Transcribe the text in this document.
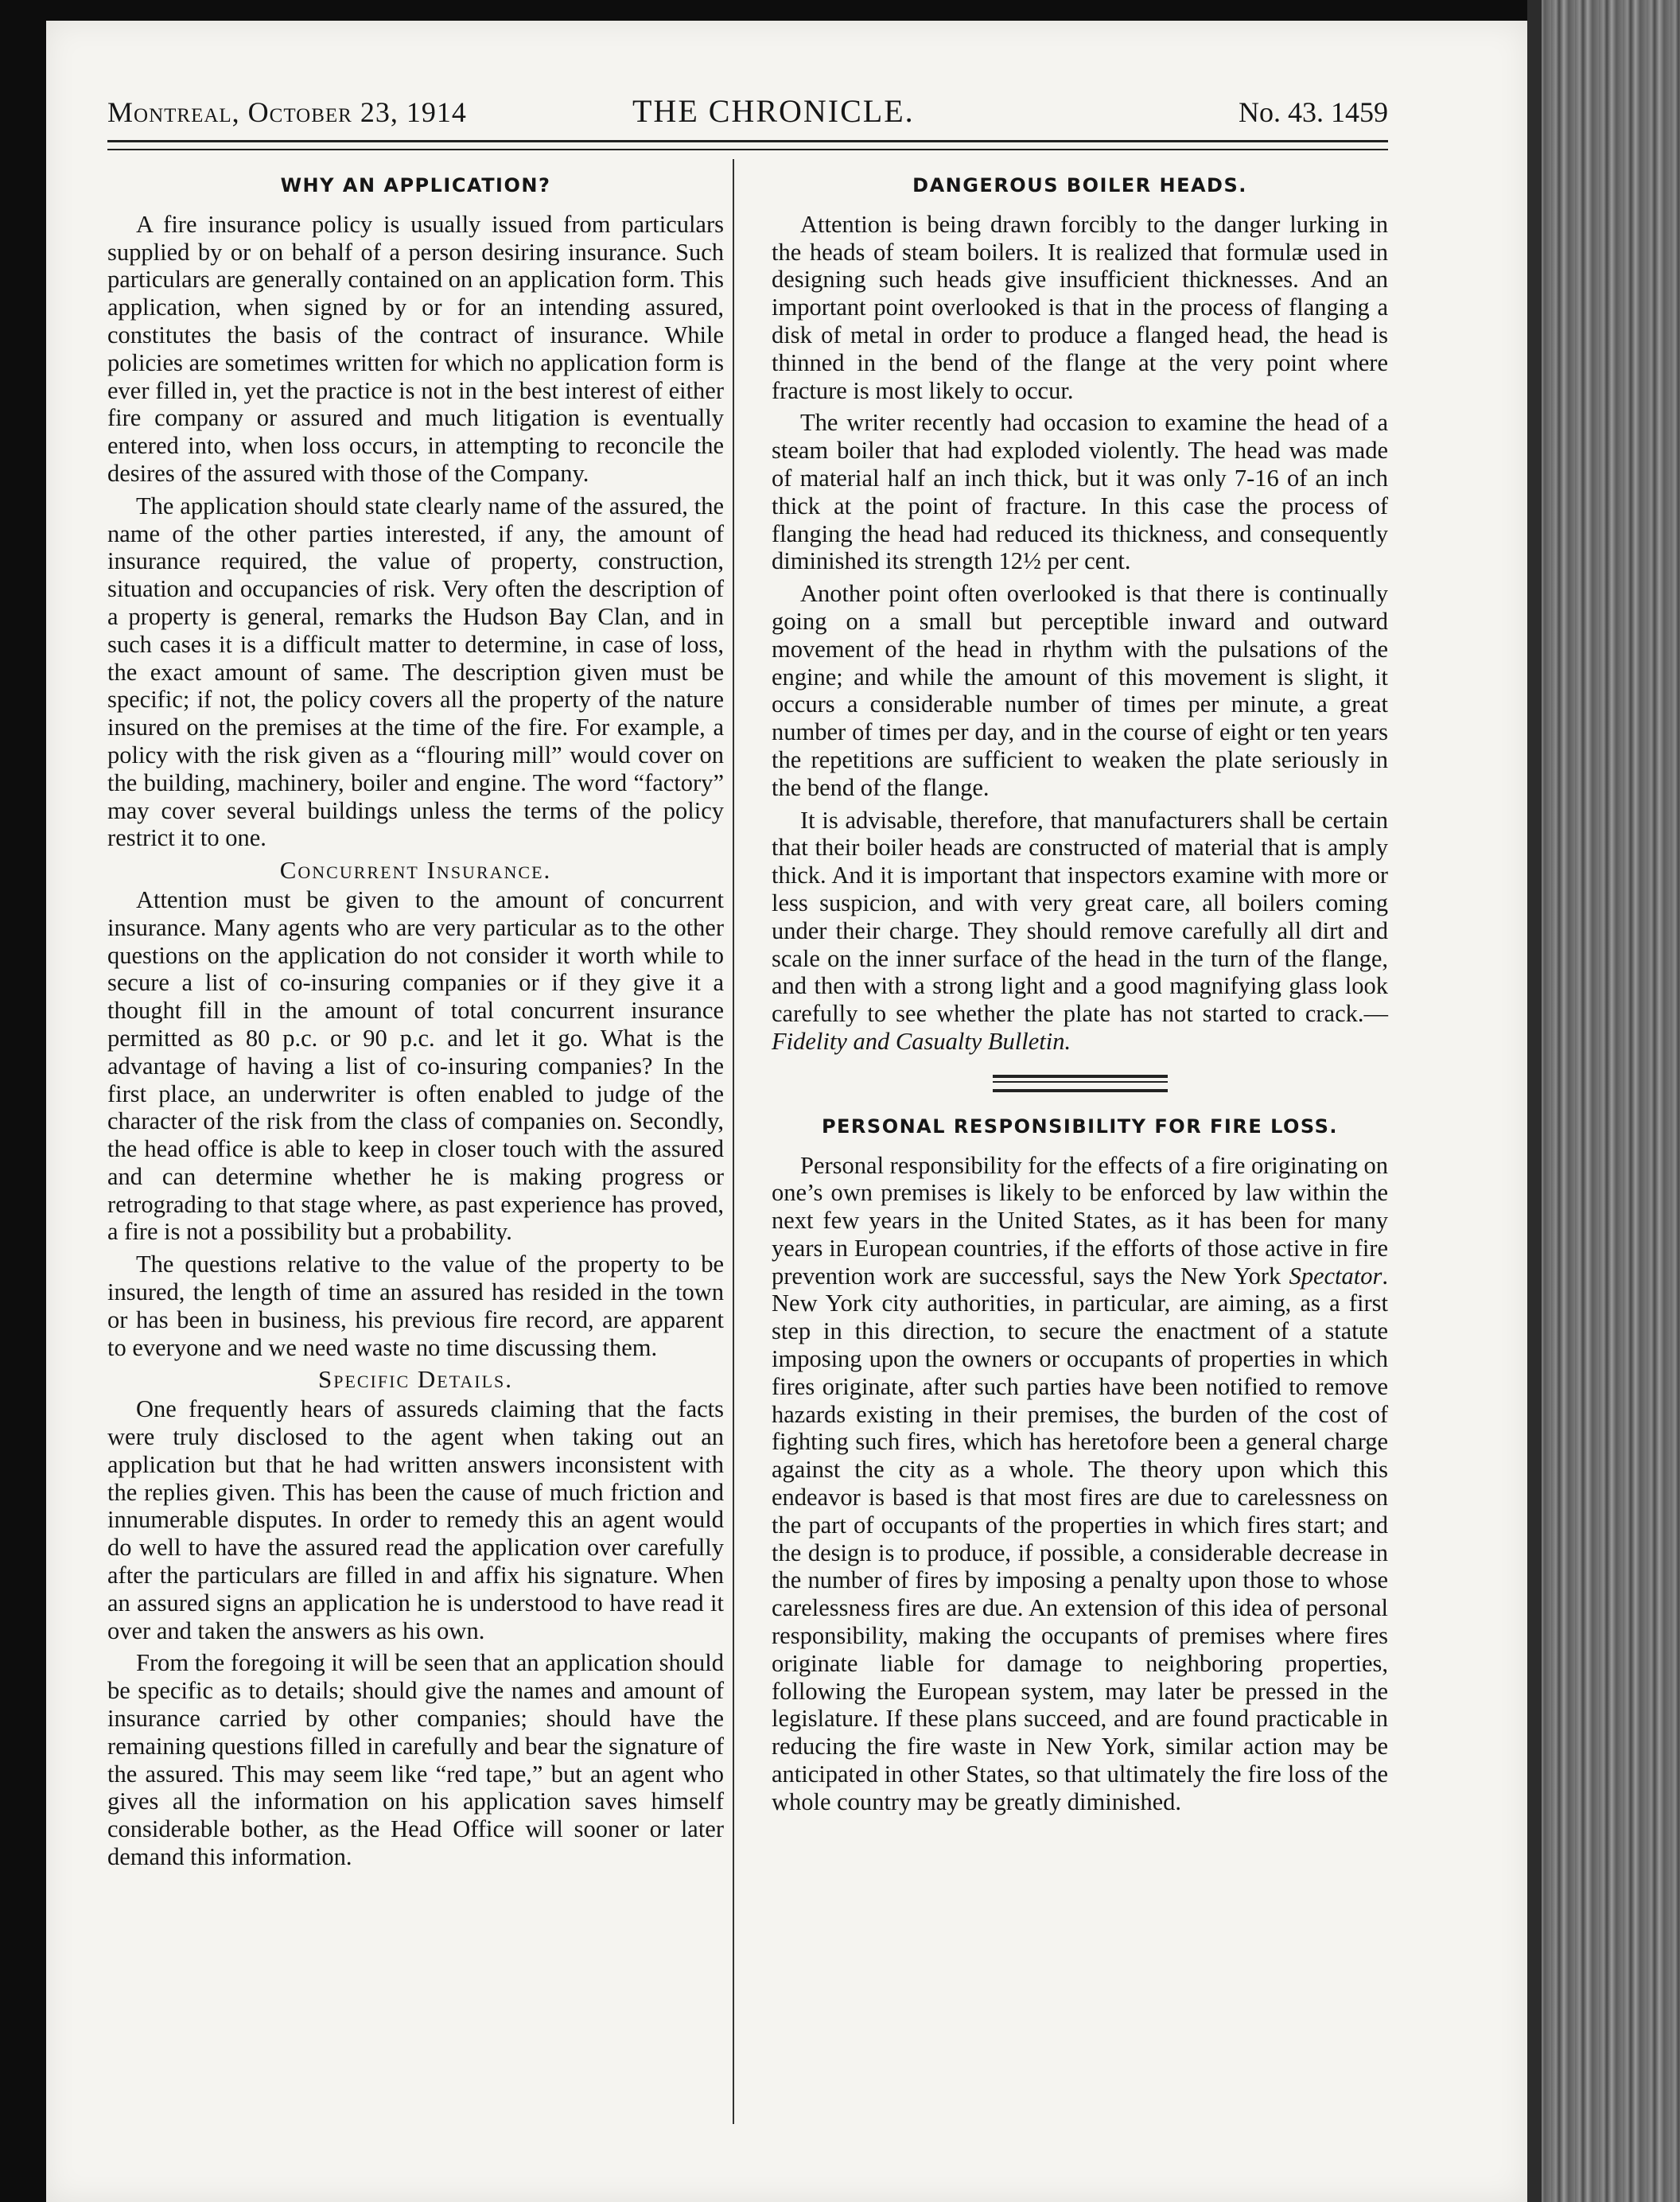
Montreal, October 23, 1914	THE CHRONICLE.	No. 43. 1459
WHY AN APPLICATION?

A fire insurance policy is usually issued from particulars supplied by or on behalf of a person desiring insurance. Such particulars are generally contained on an application form. This application, when signed by or for an intending assured, constitutes the basis of the contract of insurance. While policies are sometimes written for which no application form is ever filled in, yet the practice is not in the best interest of either fire company or assured and much litigation is eventually entered into, when loss occurs, in attempting to reconcile the desires of the assured with those of the Company.

The application should state clearly name of the assured, the name of the other parties interested, if any, the amount of insurance required, the value of property, construction, situation and occupancies of risk. Very often the description of a property is general, remarks the Hudson Bay Clan, and in such cases it is a difficult matter to determine, in case of loss, the exact amount of same. The description given must be specific; if not, the policy covers all the property of the nature insured on the premises at the time of the fire. For example, a policy with the risk given as a “flouring mill” would cover on the building, machinery, boiler and engine. The word “factory” may cover several buildings unless the terms of the policy restrict it to one.

Concurrent Insurance.

Attention must be given to the amount of concurrent insurance. Many agents who are very particular as to the other questions on the application do not consider it worth while to secure a list of co-insuring companies or if they give it a thought fill in the amount of total concurrent insurance permitted as 80 p.c. or 90 p.c. and let it go. What is the advantage of having a list of co-insuring companies? In the first place, an underwriter is often enabled to judge of the character of the risk from the class of companies on. Secondly, the head office is able to keep in closer touch with the assured and can determine whether he is making progress or retrograding to that stage where, as past experience has proved, a fire is not a possibility but a probability.

The questions relative to the value of the property to be insured, the length of time an assured has resided in the town or has been in business, his previous fire record, are apparent to everyone and we need waste no time discussing them.

Specific Details.

One frequently hears of assureds claiming that the facts were truly disclosed to the agent when taking out an application but that he had written answers inconsistent with the replies given. This has been the cause of much friction and innumerable disputes. In order to remedy this an agent would do well to have the assured read the application over carefully after the particulars are filled in and affix his signature. When an assured signs an application he is understood to have read it over and taken the answers as his own.

From the foregoing it will be seen that an application should be specific as to details; should give the names and amount of insurance carried by other companies; should have the remaining questions filled in carefully and bear the signature of the assured. This may seem like “red tape,” but an agent who gives all the information on his application saves himself considerable bother, as the Head Office will sooner or later demand this information.

DANGEROUS BOILER HEADS.

Attention is being drawn forcibly to the danger lurking in the heads of steam boilers. It is realized that formulæ used in designing such heads give insufficient thicknesses. And an important point overlooked is that in the process of flanging a disk of metal in order to produce a flanged head, the head is thinned in the bend of the flange at the very point where fracture is most likely to occur.

The writer recently had occasion to examine the head of a steam boiler that had exploded violently. The head was made of material half an inch thick, but it was only 7-16 of an inch thick at the point of fracture. In this case the process of flanging the head had reduced its thickness, and consequently diminished its strength 12½ per cent.

Another point often overlooked is that there is continually going on a small but perceptible inward and outward movement of the head in rhythm with the pulsations of the engine; and while the amount of this movement is slight, it occurs a considerable number of times per minute, a great number of times per day, and in the course of eight or ten years the repetitions are sufficient to weaken the plate seriously in the bend of the flange.

It is advisable, therefore, that manufacturers shall be certain that their boiler heads are constructed of material that is amply thick. And it is important that inspectors examine with more or less suspicion, and with very great care, all boilers coming under their charge. They should remove carefully all dirt and scale on the inner surface of the head in the turn of the flange, and then with a strong light and a good magnifying glass look carefully to see whether the plate has not started to crack.—Fidelity and Casualty Bulletin.

PERSONAL RESPONSIBILITY FOR FIRE LOSS.

Personal responsibility for the effects of a fire originating on one’s own premises is likely to be enforced by law within the next few years in the United States, as it has been for many years in European countries, if the efforts of those active in fire prevention work are successful, says the New York Spectator. New York city authorities, in particular, are aiming, as a first step in this direction, to secure the enactment of a statute imposing upon the owners or occupants of properties in which fires originate, after such parties have been notified to remove hazards existing in their premises, the burden of the cost of fighting such fires, which has heretofore been a general charge against the city as a whole. The theory upon which this endeavor is based is that most fires are due to carelessness on the part of occupants of the properties in which fires start; and the design is to produce, if possible, a considerable decrease in the number of fires by imposing a penalty upon those to whose carelessness fires are due. An extension of this idea of personal responsibility, making the occupants of premises where fires originate liable for damage to neighboring properties, following the European system, may later be pressed in the legislature. If these plans succeed, and are found practicable in reducing the fire waste in New York, similar action may be anticipated in other States, so that ultimately the fire loss of the whole country may be greatly diminished.
